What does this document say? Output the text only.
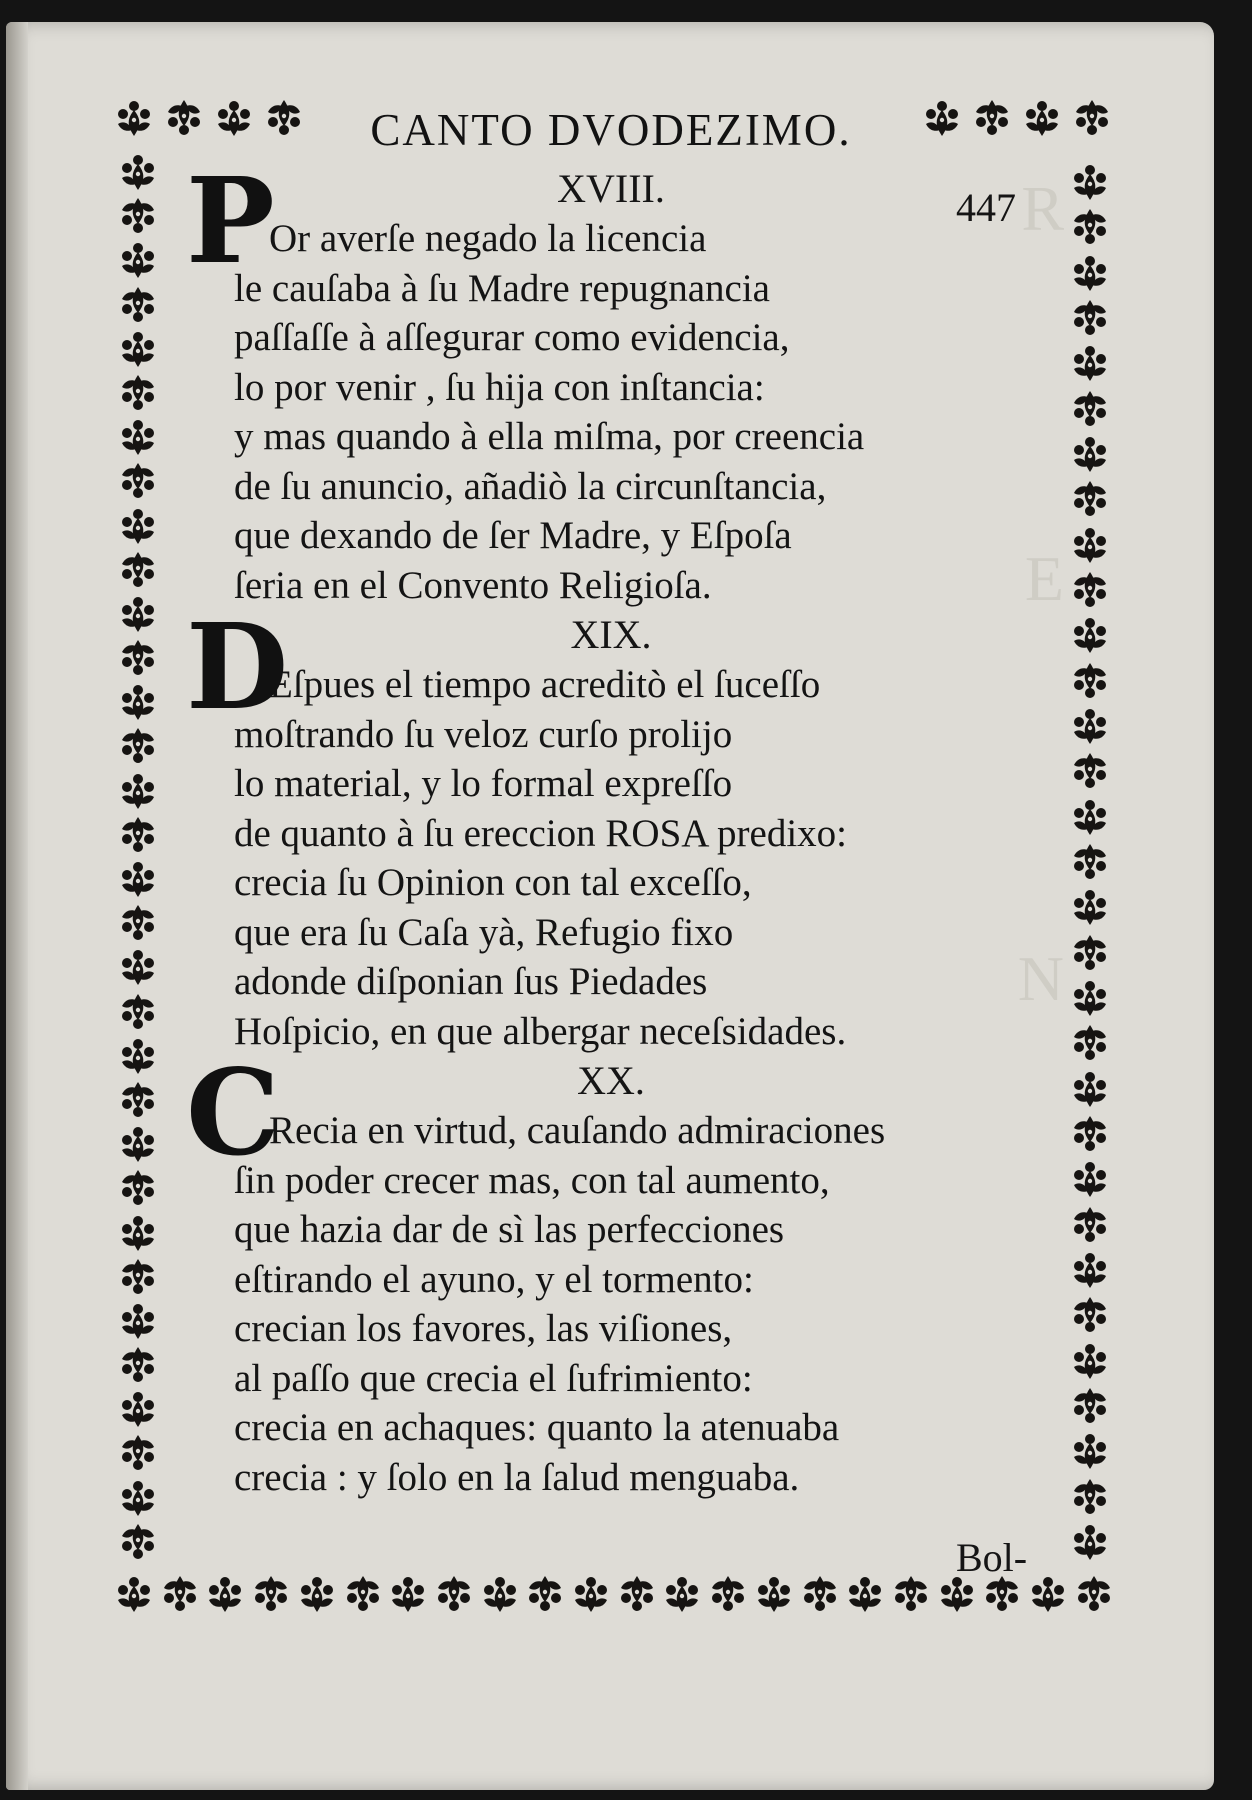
R
E
N
CANTO DVODEZIMO.
XVIII.
P
Or averſe negado la licencia
le cauſaba à ſu Madre repugnancia
paſſaſſe à aſſegurar como evidencia,
lo por venir , ſu hija con inſtancia:
y mas quando à ella miſma, por creencia
de ſu anuncio, añadiò la circunſtancia,
que dexando de ſer Madre, y Eſpoſa
ſeria en el Convento Religioſa.
XIX.
D
Eſpues el tiempo acreditò el ſuceſſo
moſtrando ſu veloz curſo prolijo
lo material, y lo formal expreſſo
de quanto à ſu ereccion ROSA predixo:
crecia ſu Opinion con tal exceſſo,
que era ſu Caſa yà, Refugio fixo
adonde diſponian ſus Piedades
Hoſpicio, en que albergar neceſsidades.
XX.
C
Recia en virtud, cauſando admiraciones
ſin poder crecer mas, con tal aumento,
que hazia dar de sì las perfecciones
eſtirando el ayuno, y el tormento:
crecian los favores, las viſiones,
al paſſo que crecia el ſufrimiento:
crecia en achaques: quanto la atenuaba
crecia : y ſolo en la ſalud menguaba.
447
Bol-
